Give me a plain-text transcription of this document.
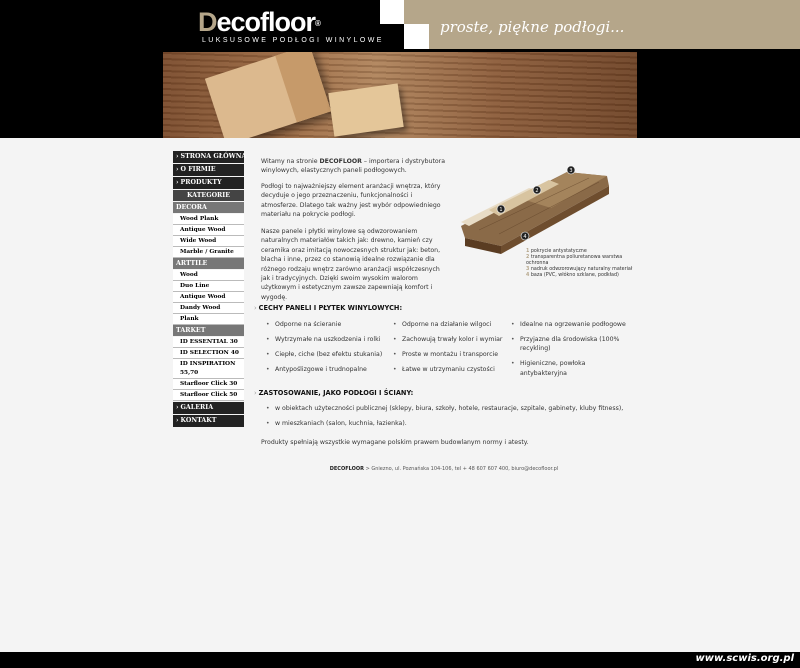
Decofloor®
LUKSUSOWE PODŁOGI WINYLOWE
proste, piękne podłogi...
› STRONA GŁÓWNA
› O FIRMIE
› PRODUKTY
KATEGORIE
DECORA
Wood Plank
Antique Wood
Wide Wood
Marble / Granite
ARTTILE
Wood
Duo Line
Antique Wood
Dandy Wood
Plank
TARKET
ID ESSENTIAL 30
ID SELECTION 40
ID INSPIRATION 55,70
Starfloor Click 30
Starfloor Click 50
› GALERIA
› KONTAKT

Witamy na stronie DECOFLOOR – importera i dystrybutora winylowych, elastycznych paneli podłogowych.

Podłogi to najważniejszy element aranżacji wnętrza, który decyduje o jego przeznaczeniu, funkcjonalności i atmosferze. Dlatego tak ważny jest wybór odpowiedniego materiału na pokrycie podłogi.

Nasze panele i płytki winylowe są odwzorowaniem naturalnych materiałów takich jak: drewno, kamień czy ceramika oraz imitacją nowoczesnych struktur jak: beton, blacha i inne, przez co stanowią idealne rozwiązanie dla różnego rodzaju wnętrz zarówno aranżacji współczesnych jak i tradycyjnych. Dzięki swoim wysokim walorom użytkowym i estetycznym zawsze zapewniają komfort i wygodę.

1
2
3
4
1 pokrycie antystatyczne
2 transparentna poliuretanowa warstwa ochronna
3 nadruk odwzorowujący naturalny materiał
4 baza (PVC, włókno szklane, podkład)
› CECHY PANELI I PŁYTEK WINYLOWYCH:
• Odporne na ścieranie
• Wytrzymałe na uszkodzenia i rolki
• Ciepłe, ciche (bez efektu stukania)
• Antypoślizgowe i trudnopalne
• Odporne na działanie wilgoci
• Zachowują trwały kolor i wymiar
• Proste w montażu i transporcie
• Łatwe w utrzymaniu czystości
• Idealne na ogrzewanie podłogowe
• Przyjazne dla środowiska (100% recykling)
• Higieniczne, powłoka antybakteryjna
› ZASTOSOWANIE, JAKO PODŁOGI I ŚCIANY:
• w obiektach użyteczności publicznej (sklepy, biura, szkoły, hotele, restauracje, szpitale, gabinety, kluby fitness),
• w mieszkaniach (salon, kuchnia, łazienka).
Produkty spełniają wszystkie wymagane polskim prawem budowlanym normy i atesty.
DECOFLOOR > Gniezno, ul. Poznańska 104-106, tel + 48 607 607 400, biuro@decofloor.pl
www.scwis.org.pl
